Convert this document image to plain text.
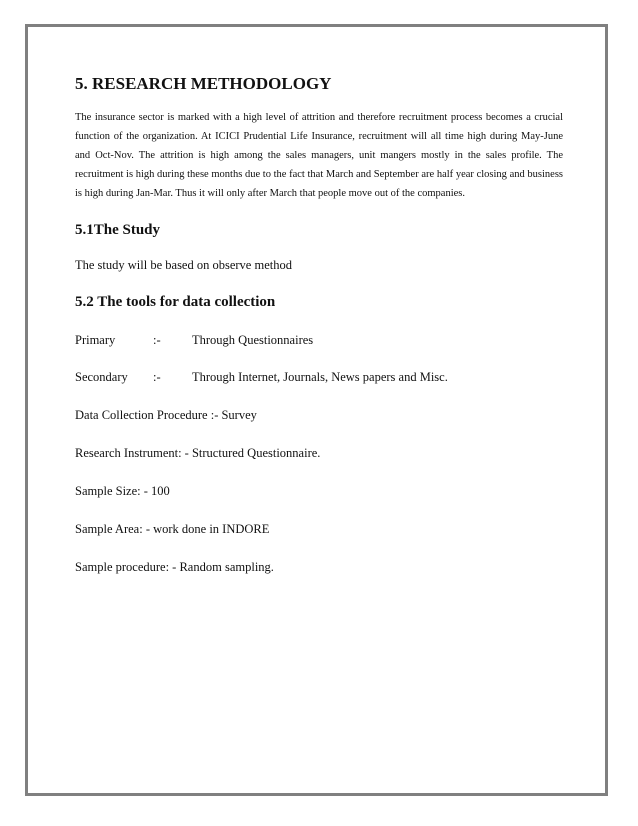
5. RESEARCH METHODOLOGY

The insurance sector is marked with a high level of attrition and therefore recruitment process becomes a crucial function of the organization. At ICICI Prudential Life Insurance, recruitment will all time high during May-June and Oct-Nov. The attrition is high among the sales managers, unit mangers mostly in the sales profile. The recruitment is high during these months due to the fact that March and September are half year closing and business is high during Jan-Mar. Thus it will only after March that people move out of the companies.

5.1The Study
The study will be based on observe method
5.2 The tools for data collection
Primary	:-	Through Questionnaires
Secondary	:-	Through Internet, Journals, News papers and Misc.
Data Collection Procedure :- Survey
Research Instrument: - Structured Questionnaire.
Sample Size: - 100
Sample Area: - work done in INDORE
Sample procedure: - Random sampling.
